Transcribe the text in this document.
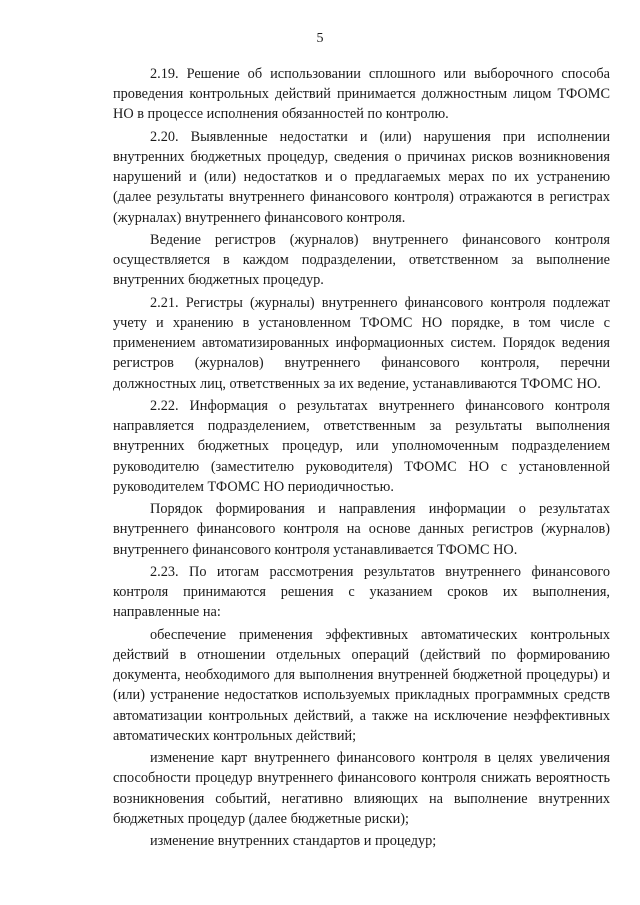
5

2.19. Решение об использовании сплошного или выборочного способа проведения контрольных действий принимается должностным лицом ТФОМС НО в процессе исполнения обязанностей по контролю.

2.20. Выявленные недостатки и (или) нарушения при исполнении внутренних бюджетных процедур, сведения о причинах рисков возникновения нарушений и (или) недостатков и о предлагаемых мерах по их устранению (далее результаты внутреннего финансового контроля) отражаются в регистрах (журналах) внутреннего финансового контроля.

Ведение регистров (журналов) внутреннего финансового контроля осуществляется в каждом подразделении, ответственном за выполнение внутренних бюджетных процедур.

2.21. Регистры (журналы) внутреннего финансового контроля подлежат учету и хранению в установленном ТФОМС НО порядке, в том числе с применением автоматизированных информационных систем. Порядок ведения регистров (журналов) внутреннего финансового контроля, перечни должностных лиц, ответственных за их ведение, устанавливаются ТФОМС НО.

2.22. Информация о результатах внутреннего финансового контроля направляется подразделением, ответственным за результаты выполнения внутренних бюджетных процедур, или уполномоченным подразделением руководителю (заместителю руководителя) ТФОМС НО с установленной руководителем ТФОМС НО периодичностью.

Порядок формирования и направления информации о результатах внутреннего финансового контроля на основе данных регистров (журналов) внутреннего финансового контроля устанавливается ТФОМС НО.

2.23. По итогам рассмотрения результатов внутреннего финансового контроля принимаются решения с указанием сроков их выполнения, направленные на:

обеспечение применения эффективных автоматических контрольных действий в отношении отдельных операций (действий по формированию документа, необходимого для выполнения внутренней бюджетной процедуры) и (или) устранение недостатков используемых прикладных программных средств автоматизации контрольных действий, а также на исключение неэффективных автоматических контрольных действий;

изменение карт внутреннего финансового контроля в целях увеличения способности процедур внутреннего финансового контроля снижать вероятность возникновения событий, негативно влияющих на выполнение внутренних бюджетных процедур (далее бюджетные риски);

изменение внутренних стандартов и процедур;
